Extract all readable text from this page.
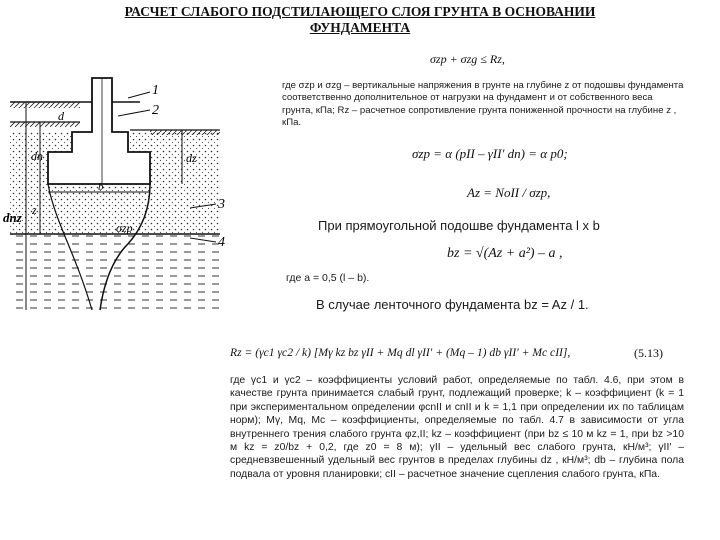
РАСЧЕТ СЛАБОГО ПОДСТИЛАЮЩЕГО СЛОЯ ГРУНТА В ОСНОВАНИИ
ФУНДАМЕНТА
1
2
3
4
d
dn	dz
dnz z
b
σzp
σzp + σzg ≤ Rz,
где σzp и σzg – вертикальные напряжения в грунте на глубине z от подошвы фундамента соответственно дополнительное от нагрузки на фундамент и от собственного веса грунта, кПа; Rz – расчетное сопротивление грунта пониженной прочности на глубине z , кПа.
σzp = α (pII – γII′ dn) = α p0;
Az = NoII / σzp,
При прямоугольной подошве фундамента l x b
bz = √(Az + a²) – a ,
где a = 0,5 (l – b).
В случае ленточного фундамента bz = Az / 1.
Rz = (γc1 γc2 / k) [Mγ kz bz γII + Mq dl γII′ + (Mq – 1) db γII′ + Mc cII],	(5.13)
где γc1 и γc2 – коэффициенты условий работ, определяемые по табл. 4.6, при этом в качестве грунта принимается слабый грунт, подлежащий проверке; k – коэффициент (k = 1 при экспериментальном определении φcnII и cnII и k = 1,1 при определении их по таблицам норм); Mγ, Mq, Mc – коэффициенты, определяемые по табл. 4.7 в зависимости от угла внутреннего трения слабого грунта φz,II; kz – коэффициент (при bz ≤ 10 м kz = 1, при bz >10 м kz = z0/bz + 0,2, где z0 = 8 м); γII – удельный вес слабого грунта, кН/м³; γII′ – средневзвешенный удельный вес грунтов в пределах глубины dz , кН/м³; db – глубина пола подвала от уровня планировки; cII – расчетное значение сцепления слабого грунта, кПа.
